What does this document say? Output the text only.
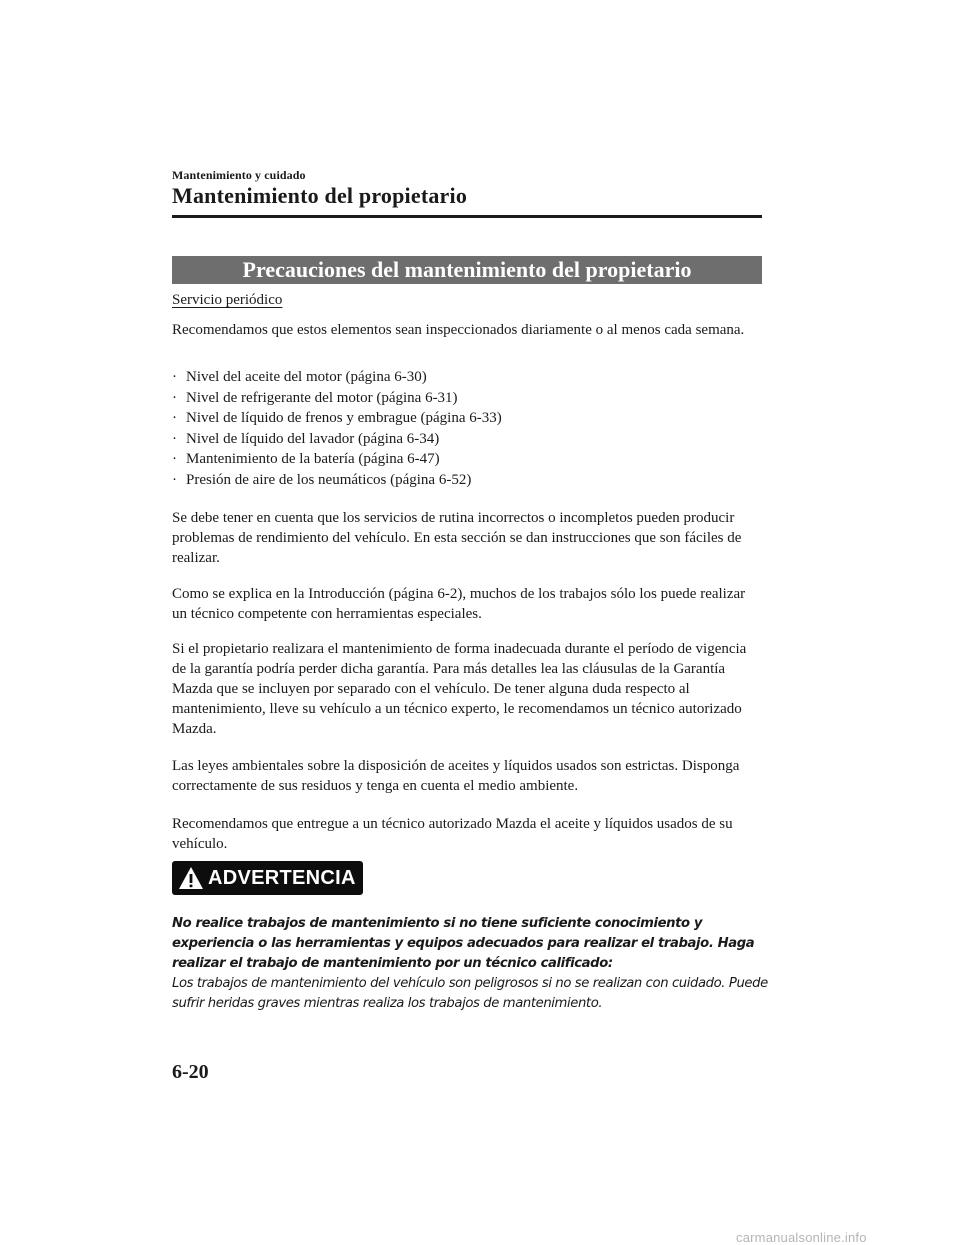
Mantenimiento y cuidado
Mantenimiento del propietario
Precauciones del mantenimiento del propietario
Servicio periódico
Recomendamos que estos elementos sean inspeccionados diariamente o al menos cada semana.
· Nivel del aceite del motor (página 6-30)
· Nivel de refrigerante del motor (página 6-31)
· Nivel de líquido de frenos y embrague (página 6-33)
· Nivel de líquido del lavador (página 6-34)
· Mantenimiento de la batería (página 6-47)
· Presión de aire de los neumáticos (página 6-52)
Se debe tener en cuenta que los servicios de rutina incorrectos o incompletos pueden producir problemas de rendimiento del vehículo. En esta sección se dan instrucciones que son fáciles de realizar.
Como se explica en la Introducción (página 6-2), muchos de los trabajos sólo los puede realizar un técnico competente con herramientas especiales.
Si el propietario realizara el mantenimiento de forma inadecuada durante el período de vigencia de la garantía podría perder dicha garantía. Para más detalles lea las cláusulas de la Garantía Mazda que se incluyen por separado con el vehículo. De tener alguna duda respecto al mantenimiento, lleve su vehículo a un técnico experto, le recomendamos un técnico autorizado Mazda.
Las leyes ambientales sobre la disposición de aceites y líquidos usados son estrictas. Disponga correctamente de sus residuos y tenga en cuenta el medio ambiente.
Recomendamos que entregue a un técnico autorizado Mazda el aceite y líquidos usados de su vehículo.
ADVERTENCIA
No realice trabajos de mantenimiento si no tiene suficiente conocimiento y experiencia o las herramientas y equipos adecuados para realizar el trabajo. Haga realizar el trabajo de mantenimiento por un técnico calificado:
Los trabajos de mantenimiento del vehículo son peligrosos si no se realizan con cuidado. Puede sufrir heridas graves mientras realiza los trabajos de mantenimiento.
6-20
carmanualsonline.info
